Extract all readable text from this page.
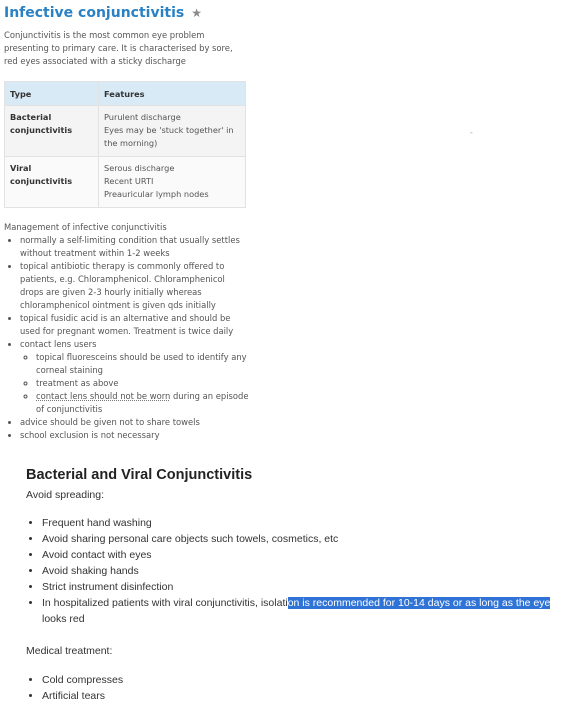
Infective conjunctivitis ★
Conjunctivitis is the most common eye problem presenting to primary care. It is characterised by sore, red eyes associated with a sticky discharge
Type	Features
Bacterial conjunctivitis	Purulent discharge
Eyes may be 'stuck together' in the morning)

Viral conjunctivitis	Serous discharge
Recent URTI
Preauricular lymph nodes
-
Management of infective conjunctivitis
• normally a self-limiting condition that usually settles without treatment within 1-2 weeks
• topical antibiotic therapy is commonly offered to patients, e.g. Chloramphenicol. Chloramphenicol drops are given 2-3 hourly initially whereas chloramphenicol ointment is given qds initially
• topical fusidic acid is an alternative and should be used for pregnant women. Treatment is twice daily
• contact lens users
◦ topical fluoresceins should be used to identify any corneal staining
◦ treatment as above
◦ contact lens should not be worn during an episode of conjunctivitis
• advice should be given not to share towels
• school exclusion is not necessary
Bacterial and Viral Conjunctivitis
Avoid spreading:
• Frequent hand washing
• Avoid sharing personal care objects such towels, cosmetics, etc
• Avoid contact with eyes
• Avoid shaking hands
• Strict instrument disinfection
• In hospitalized patients with viral conjunctivitis, isolation is recommended for 10-14 days or as long as the eye looks red
Medical treatment:
• Cold compresses
• Artificial tears
